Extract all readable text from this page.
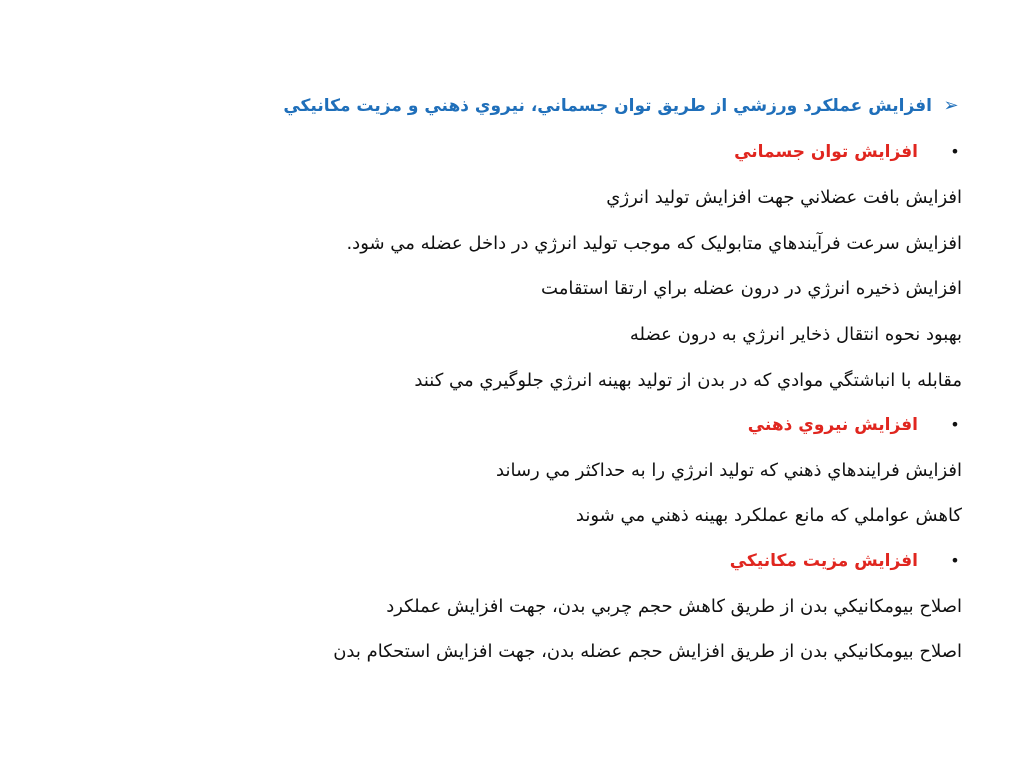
➢
افزايش عملكرد ورزشي از طريق توان جسماني، نيروي ذهني و مزيت مكانيكي
•
افزايش توان جسماني
افزايش بافت عضلاني جهت افزايش توليد انرژي
افزايش سرعت فرآيندهاي متابوليک كه موجب توليد انرژي در داخل عضله مي شود.
افزايش ذخيره انرژي در درون عضله براي ارتقا استقامت
بهبود نحوه انتقال ذخاير انرژي به درون عضله
مقابله با انباشتگي موادي كه در بدن از توليد بهينه انرژي جلوگيري مي كنند
•
افزايش نيروي ذهني
افزايش فرايندهاي ذهني كه توليد انرژي را به حداكثر مي رساند
كاهش عواملي كه مانع عملكرد بهينه ذهني مي شوند
•
افزايش مزيت مكانيكي
اصلاح بيومكانيكي بدن از طريق كاهش حجم چربي بدن، جهت افزايش عملكرد
اصلاح بيومكانيكي بدن از طريق افزايش حجم عضله بدن، جهت افزايش استحكام بدن
